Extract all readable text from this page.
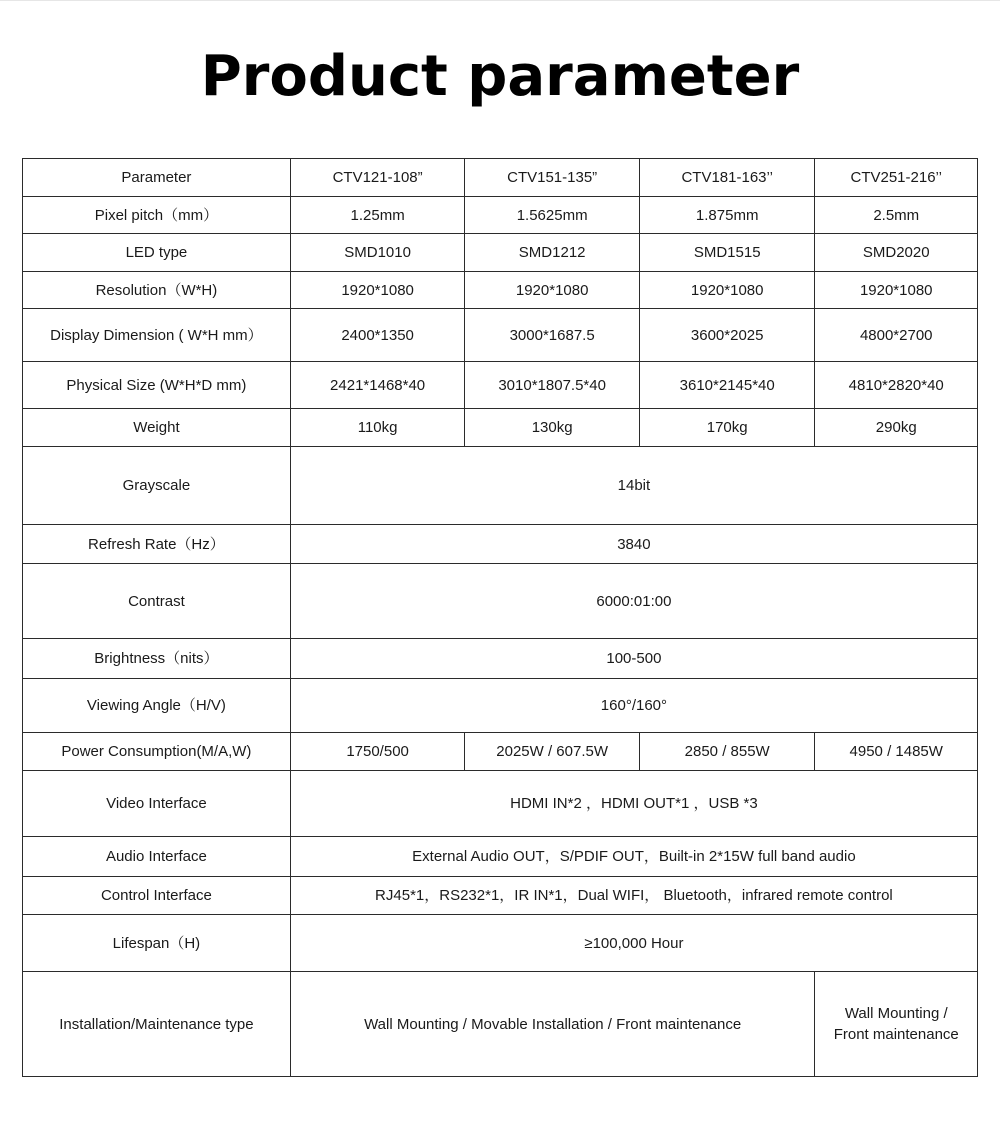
Product parameter
Parameter	CTV121-108”	CTV151-135”	CTV181-163’’	CTV251-216’’
Pixel pitch（mm）	1.25mm	1.5625mm	1.875mm	2.5mm
LED type	SMD1010	SMD1212	SMD1515	SMD2020
Resolution（W*H)	1920*1080	1920*1080	1920*1080	1920*1080
Display Dimension ( W*H mm）	2400*1350	3000*1687.5	3600*2025	4800*2700
Physical Size (W*H*D mm)	2421*1468*40	3010*1807.5*40	3610*2145*40	4810*2820*40
Weight	110kg	130kg	170kg	290kg
Grayscale	14bit			
Refresh Rate（Hz）	3840			
Contrast	6000:01:00			
Brightness（nits）	100-500			
Viewing Angle（H/V)	160°/160°			
Power Consumption(M/A,W)	1750/500	2025W / 607.5W	2850 / 855W	4950 / 1485W
Video Interface	HDMI IN*2 ，HDMI OUT*1 ，USB *3			
Audio Interface	External Audio OUT，S/PDIF OUT，Built-in 2*15W full band audio			
Control Interface	RJ45*1，RS232*1，IR IN*1，Dual WIFI， Bluetooth，infrared remote control			
Lifespan（H)	≥100,000 Hour			
Installation/Maintenance type	Wall Mounting / Movable Installation / Front maintenance			Wall Mounting /
Front maintenance
